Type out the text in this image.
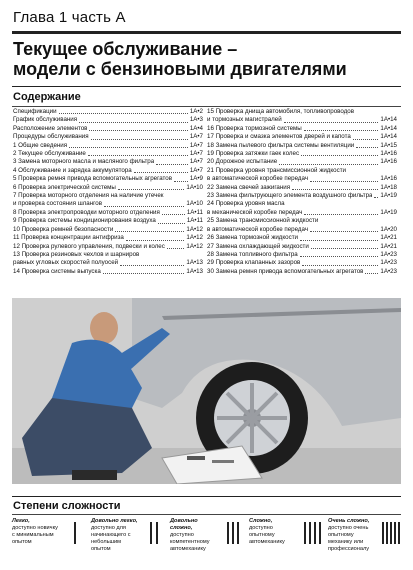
Глава 1 часть А
Текущее обслуживание –
модели с бензиновыми двигателями
Содержание
Спецификации	1А•2
График обслуживания	1А•3
Расположение элементов	1А•4
Процедуры обслуживания	1А•7
1 Общие сведения	1А•7
2 Текущее обслуживание	1А•7
3 Замена моторного масла и масляного фильтра	1А•7
4 Обслуживание и зарядка аккумулятора	1А•7
5 Проверка ремня привода вспомогательных агрегатов	1А•9
6 Проверка электрической системы	1А•10
7 Проверка моторного отделения на наличие утечек
и проверка состояния шлангов	1А•10
8 Проверка электропроводки моторного отделения	1А•11
9 Проверка системы кондиционирования воздуха	1А•11
10 Проверка ремней безопасности	1А•12
11 Проверка концентрации антифриза	1А•12
12 Проверка рулевого управления, подвески и колес	1А•12
13 Проверка резиновых чехлов и шарниров
равных угловых скоростей полуосей	1А•13
14 Проверка системы выпуска	1А•13
15 Проверка днища автомобиля, топливопроводов
и тормозных магистралей	1А•14
16 Проверка тормозной системы	1А•14
17 Проверка и смазка элементов дверей и капота	1А•14
18 Замена пылевого фильтра системы вентиляции	1А•15
19 Проверка затяжки гаек колес	1А•16
20 Дорожное испытание	1А•16
21 Проверка уровня трансмиссионной жидкости
в автоматической коробке передач	1А•16
22 Замена свечей зажигания	1А•18
23 Замена фильтрующего элемента воздушного фильтра 1А•19
24 Проверка уровня масла
в механической коробке передач	1А•19
25 Замена трансмиссионной жидкости
в автоматической коробке передач	1А•20
26 Замена тормозной жидкости	1А•21
27 Замена охлаждающей жидкости	1А•21
28 Замена топливного фильтра	1А•23
29 Проверка клапанных зазоров	1А•23
30 Замена ремня привода вспомогательных агрегатов	1А•23
Степени сложности
Легко,
доступно новичку с минимальным опытом
Довольно легко,
доступно для начинающего с небольшим опытом
Довольно сложно,
доступно компетентному автомеханику
Сложно,
доступно опытному автомеханику
Очень сложно,
доступно очень опытному механику или профессионалу
